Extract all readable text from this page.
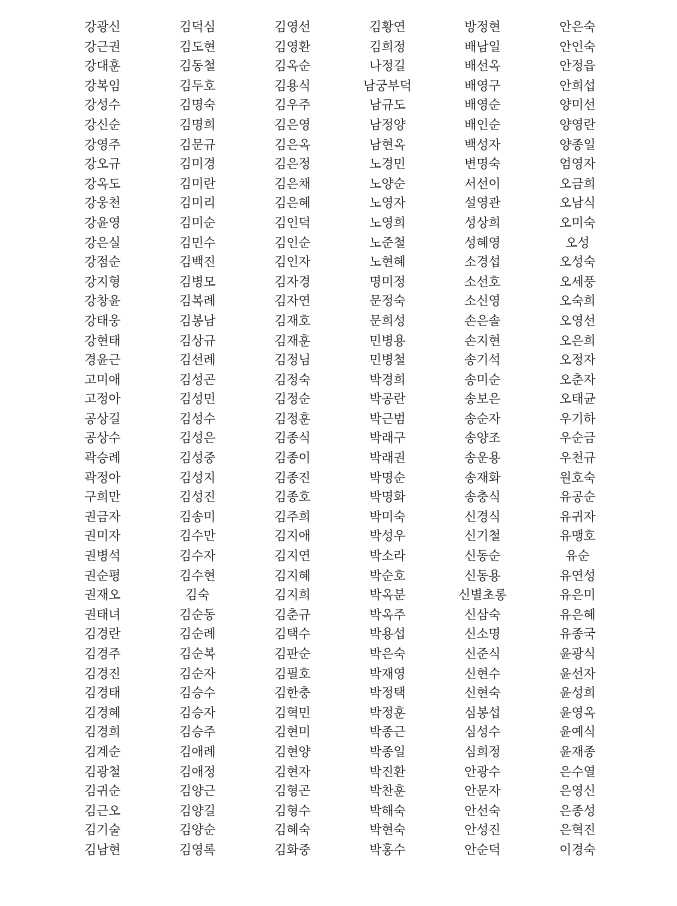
강광신
강근권
강대훈
강복임
강성수
강신순
강영주
강오규
강옥도
강웅천
강윤영
강은실
강점순
강지형
강창윤
강태웅
강현태
경윤근
고미애
고정아
공상길
공상수
곽승례
곽정아
구희만
권금자
권미자
권병석
권순평
권재오
권태녀
김경란
김경주
김경진
김경태
김경혜
김경희
김계순
김광철
김귀순
김근오
김기술
김남현
김덕심
김도현
김동철
김두호
김명숙
김명희
김문규
김미경
김미란
김미리
김미순
김민수
김백진
김병모
김복례
김봉남
김상규
김선례
김성곤
김성민
김성수
김성은
김성중
김성지
김성진
김송미
김수만
김수자
김수현
김숙
김순동
김순례
김순복
김순자
김승수
김승자
김승주
김애례
김애정
김양근
김양길
김양순
김영록
김영선
김영환
김옥순
김용식
김우주
김은영
김은옥
김은정
김은채
김은혜
김인덕
김인순
김인자
김자경
김자연
김재호
김재훈
김정님
김정숙
김정순
김정훈
김종식
김종이
김종진
김종호
김주희
김지애
김지연
김지혜
김지희
김춘규
김택수
김판순
김필호
김한충
김혁민
김현미
김현양
김현자
김형곤
김형수
김혜숙
김화중
김황연
김희정
나정길
남궁부덕
남규도
남정양
남현옥
노경민
노양순
노영자
노영희
노준철
노현혜
명미정
문정숙
문희성
민병용
민병철
박경희
박공란
박근범
박래구
박래권
박명순
박명화
박미숙
박성우
박소라
박순호
박옥분
박옥주
박용섭
박은숙
박재영
박정택
박정훈
박종근
박종일
박진환
박찬훈
박해숙
박현숙
박홍수
방정현
배남일
배선옥
배영구
배영순
배인순
백성자
변명숙
서선이
설영관
성상희
성혜영
소경섭
소선호
소신영
손은솔
손지현
송기석
송미순
송보은
송순자
송양조
송운용
송재화
송충식
신경식
신기철
신동순
신동용
신별초롱
신삼숙
신소명
신준식
신현수
신현숙
심봉섭
심성수
심희정
안광수
안문자
안선숙
안성진
안순덕
안은숙
안인숙
안정읍
안희섭
양미선
양영란
양종일
엄영자
오금희
오남식
오미숙
오성
오성숙
오세풍
오숙희
오영선
오은희
오정자
오춘자
오태균
우기하
우순금
우천규
원호숙
유공순
유귀자
유맹호
유순
유연성
유은미
유은혜
유종국
윤광식
윤선자
윤성희
윤영옥
윤예식
윤재종
은수열
은영신
은종성
은혁진
이경숙
